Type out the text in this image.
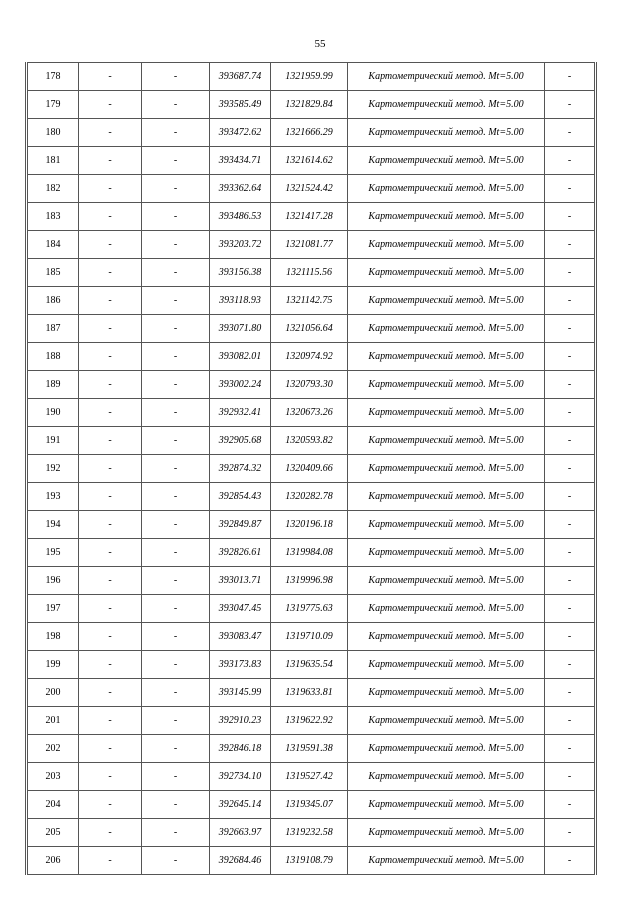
55
178	-	-	393687.74	1321959.99	Картометрический метод. Mt=5.00	-
179	-	-	393585.49	1321829.84	Картометрический метод. Mt=5.00	-
180	-	-	393472.62	1321666.29	Картометрический метод. Mt=5.00	-
181	-	-	393434.71	1321614.62	Картометрический метод. Mt=5.00	-
182	-	-	393362.64	1321524.42	Картометрический метод. Mt=5.00	-
183	-	-	393486.53	1321417.28	Картометрический метод. Mt=5.00	-
184	-	-	393203.72	1321081.77	Картометрический метод. Mt=5.00	-
185	-	-	393156.38	1321115.56	Картометрический метод. Mt=5.00	-
186	-	-	393118.93	1321142.75	Картометрический метод. Mt=5.00	-
187	-	-	393071.80	1321056.64	Картометрический метод. Mt=5.00	-
188	-	-	393082.01	1320974.92	Картометрический метод. Mt=5.00	-
189	-	-	393002.24	1320793.30	Картометрический метод. Mt=5.00	-
190	-	-	392932.41	1320673.26	Картометрический метод. Mt=5.00	-
191	-	-	392905.68	1320593.82	Картометрический метод. Mt=5.00	-
192	-	-	392874.32	1320409.66	Картометрический метод. Mt=5.00	-
193	-	-	392854.43	1320282.78	Картометрический метод. Mt=5.00	-
194	-	-	392849.87	1320196.18	Картометрический метод. Mt=5.00	-
195	-	-	392826.61	1319984.08	Картометрический метод. Mt=5.00	-
196	-	-	393013.71	1319996.98	Картометрический метод. Mt=5.00	-
197	-	-	393047.45	1319775.63	Картометрический метод. Mt=5.00	-
198	-	-	393083.47	1319710.09	Картометрический метод. Mt=5.00	-
199	-	-	393173.83	1319635.54	Картометрический метод. Mt=5.00	-
200	-	-	393145.99	1319633.81	Картометрический метод. Mt=5.00	-
201	-	-	392910.23	1319622.92	Картометрический метод. Mt=5.00	-
202	-	-	392846.18	1319591.38	Картометрический метод. Mt=5.00	-
203	-	-	392734.10	1319527.42	Картометрический метод. Mt=5.00	-
204	-	-	392645.14	1319345.07	Картометрический метод. Mt=5.00	-
205	-	-	392663.97	1319232.58	Картометрический метод. Mt=5.00	-
206	-	-	392684.46	1319108.79	Картометрический метод. Mt=5.00	-
